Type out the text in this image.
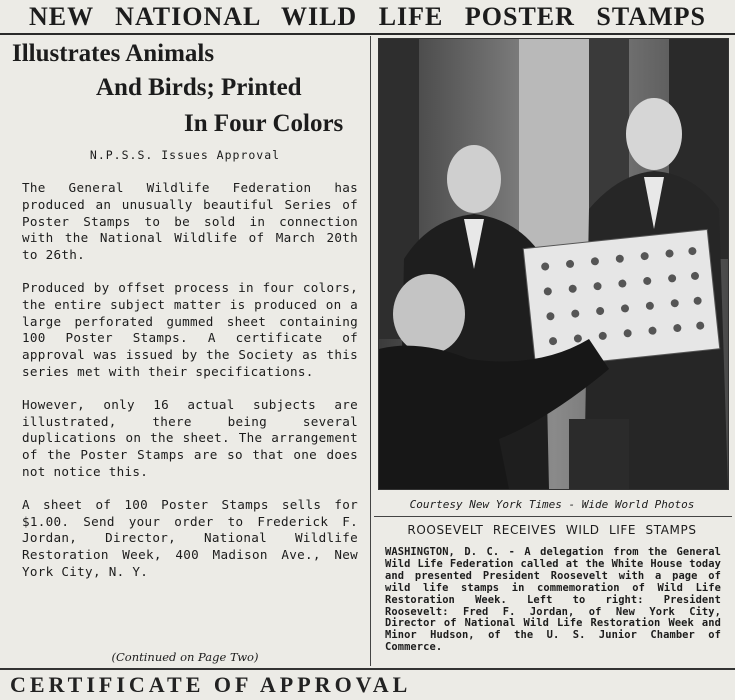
NEW NATIONAL WILD LIFE POSTER STAMPS
Illustrates Animals
And Birds; Printed
In Four Colors
N.P.S.S. Issues Approval

The General Wildlife Federation has produced an unusually beautiful Series of Poster Stamps to be sold in connection with the National Wildlife of March 20th to 26th.

Produced by offset process in four colors, the entire subject matter is produced on a large perforated gummed sheet containing 100 Poster Stamps. A certificate of approval was issued by the Society as this series met with their specifications.

However, only 16 actual subjects are illustrated, there being several duplications on the sheet. The arrangement of the Poster Stamps are so that one does not notice this.

A sheet of 100 Poster Stamps sells for $1.00. Send your order to Frederick F. Jordan, Director, National Wildlife Restoration Week, 400 Madison Ave., New York City, N. Y.

(Continued on Page Two)
Courtesy New York Times - Wide World Photos
ROOSEVELT RECEIVES WILD LIFE STAMPS
WASHINGTON, D. C. - A delegation from the General Wild Life Federation called at the White House today and presented President Roosevelt with a page of wild life stamps in commemoration of Wild Life Restoration Week. Left to right: President Roosevelt: Fred F. Jordan, of New York City, Director of National Wild Life Restoration Week and Minor Hudson, of the U. S. Junior Chamber of Commerce.
CERTIFICATE OF APPROVAL
